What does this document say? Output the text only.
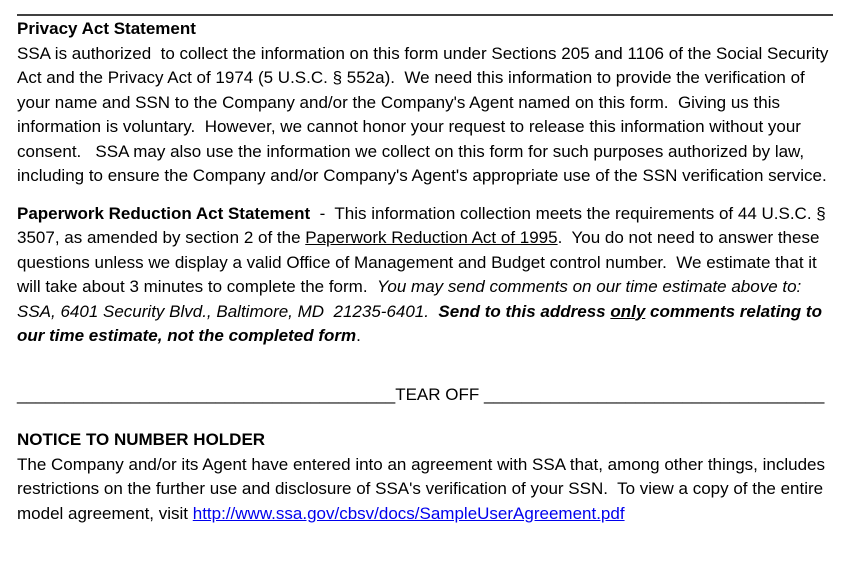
Privacy Act Statement

SSA is authorized  to collect the information on this form under Sections 205 and 1106 of the Social Security Act and the Privacy Act of 1974 (5 U.S.C. § 552a).  We need this information to provide the verification of your name and SSN to the Company and/or the Company's Agent named on this form.  Giving us this information is voluntary.  However, we cannot honor your request to release this information without your consent.   SSA may also use the information we collect on this form for such purposes authorized by law, including to ensure the Company and/or Company's Agent's appropriate use of the SSN verification service.

Paperwork Reduction Act Statement  -  This information collection meets the requirements of 44 U.S.C. § 3507, as amended by section 2 of the Paperwork Reduction Act of 1995.  You do not need to answer these questions unless we display a valid Office of Management and Budget control number.  We estimate that it will take about 3 minutes to complete the form.  You may send comments on our time estimate above to:  SSA, 6401 Security Blvd., Baltimore, MD  21235-6401.  Send to this address only comments relating to our time estimate, not the completed form.

________________________________________TEAR OFF ____________________________________
NOTICE TO NUMBER HOLDER

The Company and/or its Agent have entered into an agreement with SSA that, among other things, includes restrictions on the further use and disclosure of SSA's verification of your SSN.  To view a copy of the entire model agreement, visit http://www.ssa.gov/cbsv/docs/SampleUserAgreement.pdf
